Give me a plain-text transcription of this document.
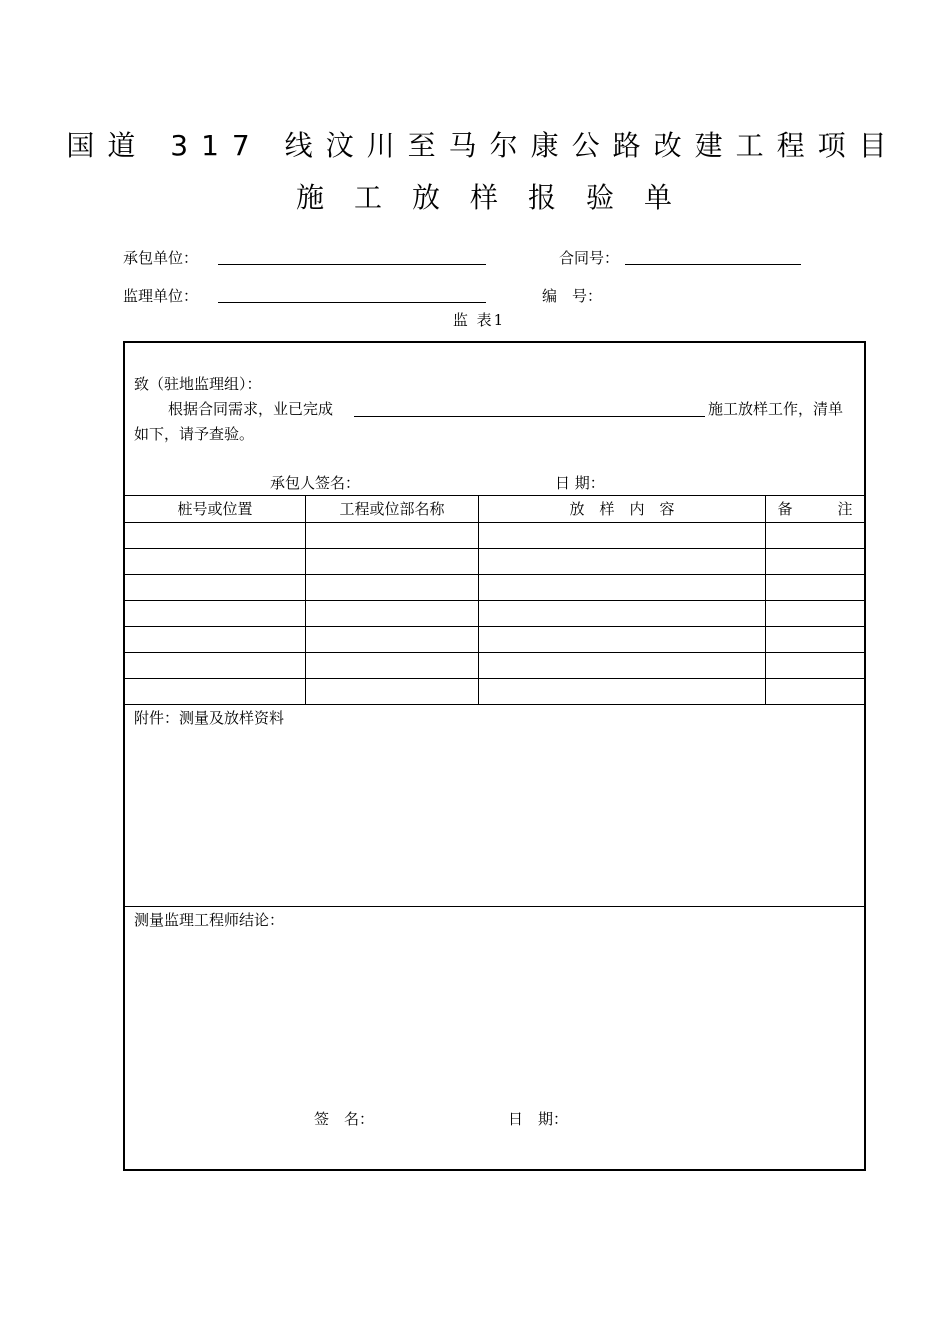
国道 317 线汶川至马尔康公路改建工程项目
施工放样报验单
承包单位：	合同号：
监理单位：	编　号：
监 表1
致（驻地监理组）：
根据合同需求，业已完成	施工放样工作，清单
如下，请予查验。
承包人签名：	日 期：
桩号或位置	工程或位部名称	放　样　内　容	备　　　注
附件：测量及放样资料
测量监理工程师结论：
签　名：	日　期：
